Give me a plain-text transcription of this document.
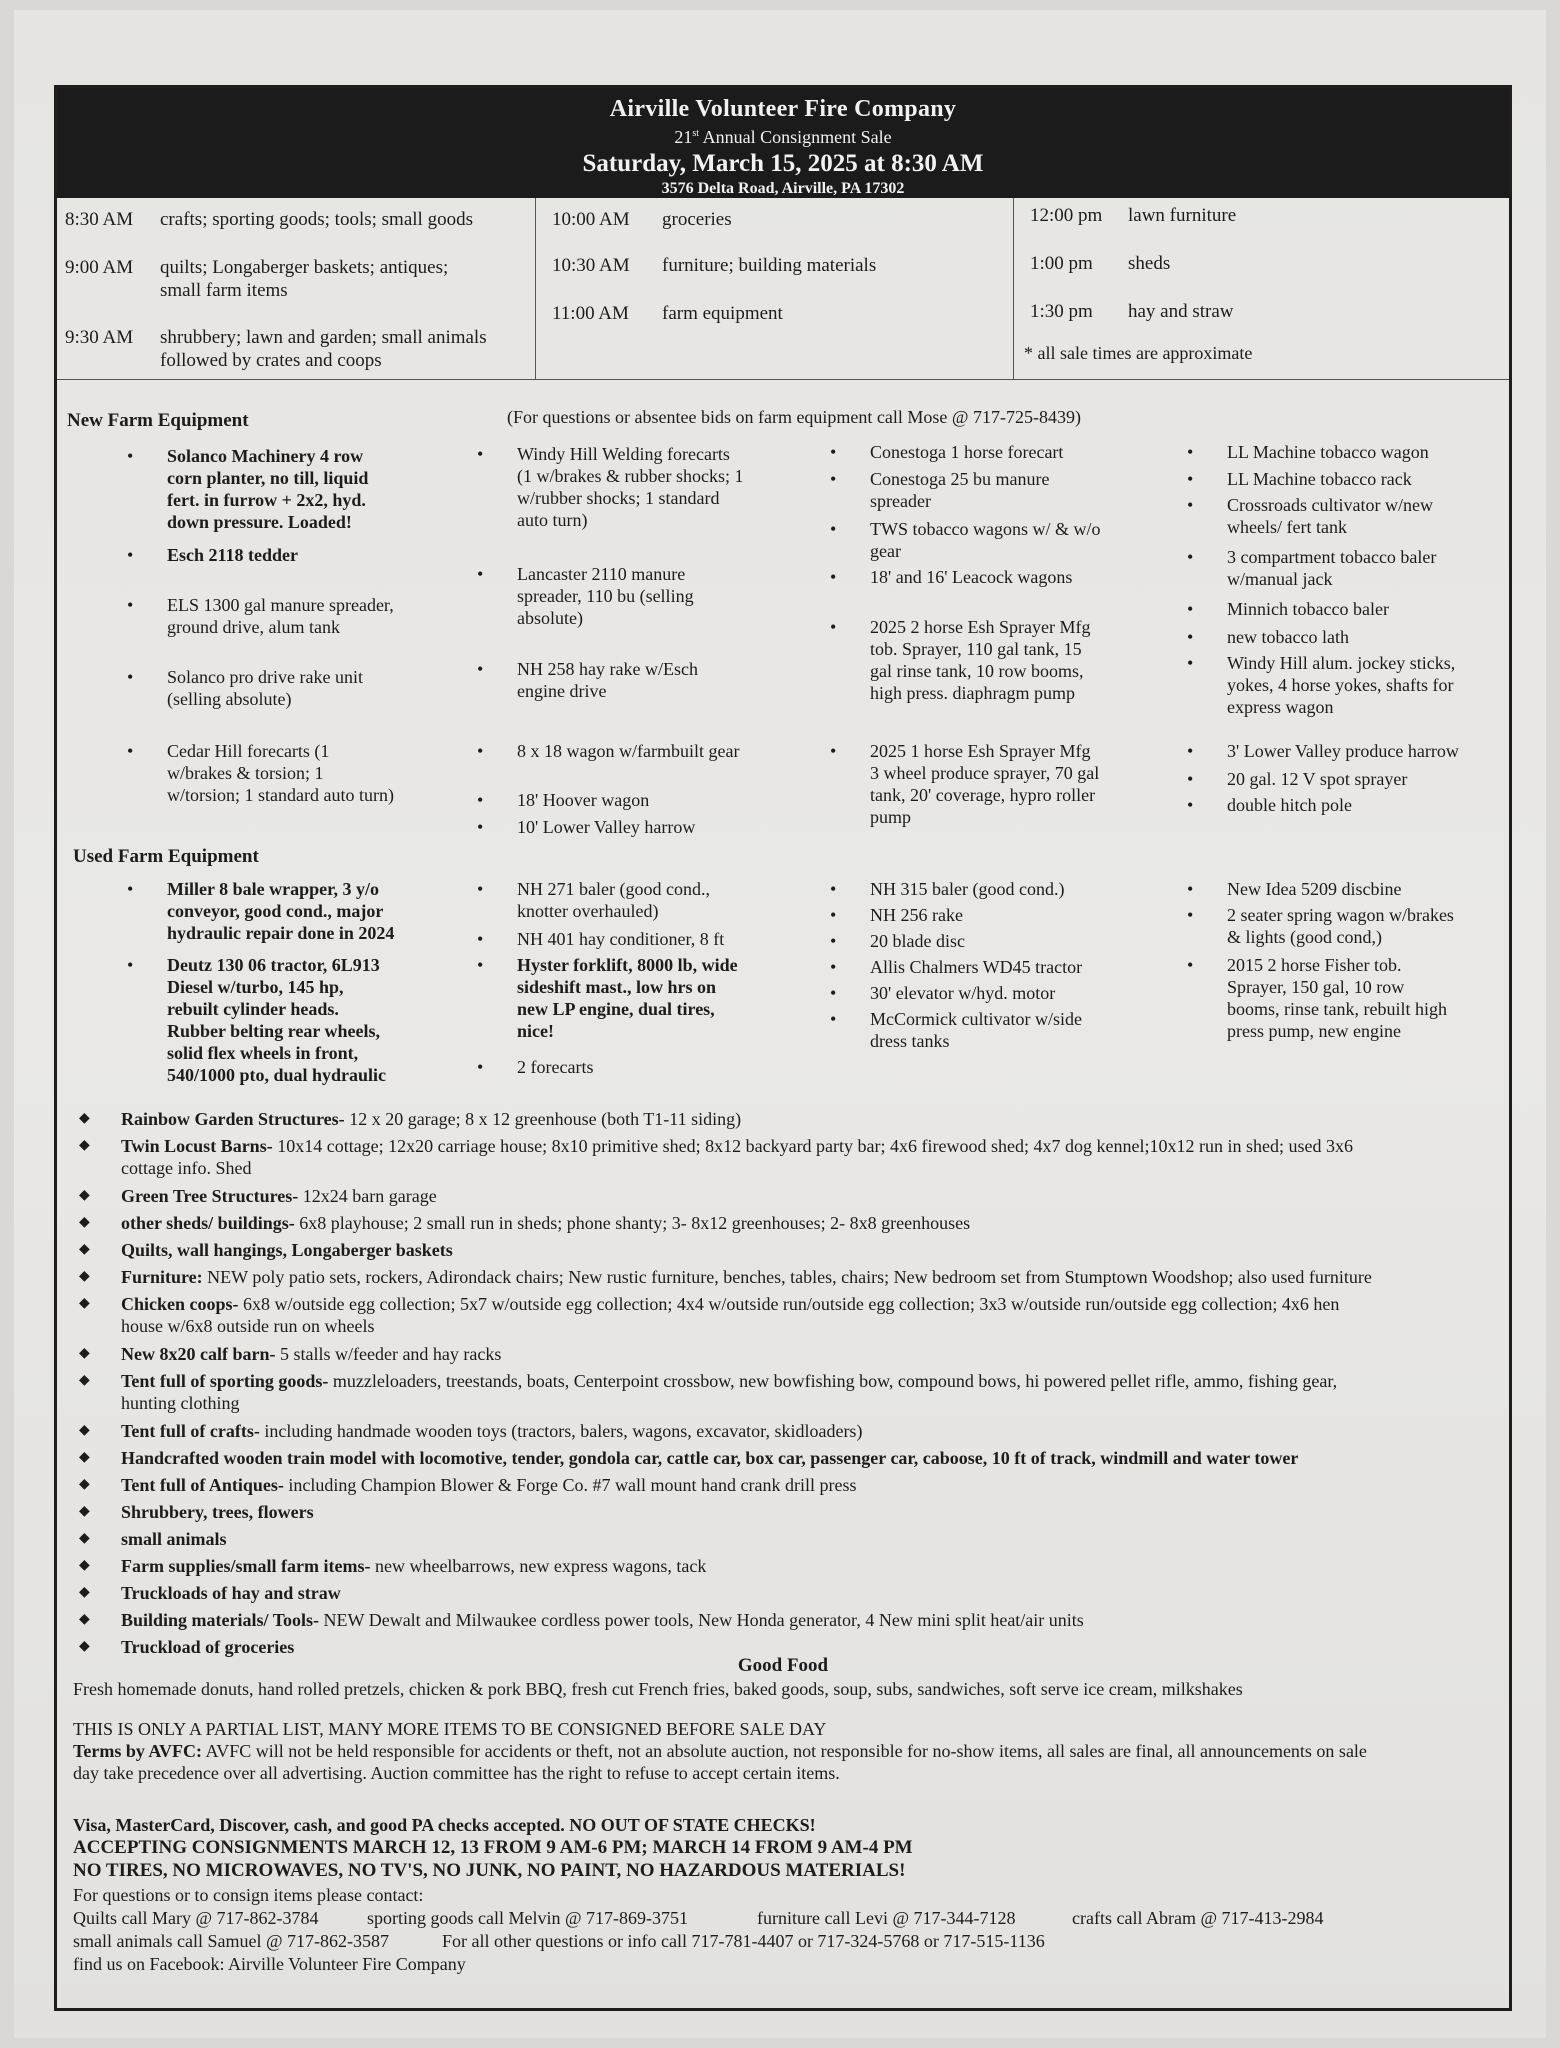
Airville Volunteer Fire Company
21st Annual Consignment Sale
Saturday, March 15, 2025 at 8:30 AM
3576 Delta Road, Airville, PA 17302
8:30 AM crafts; sporting goods; tools; small goods
9:00 AM quilts; Longaberger baskets; antiques;
small farm items
9:30 AM shrubbery; lawn and garden; small animals
followed by crates and coops
10:00 AM groceries
10:30 AM furniture; building materials
11:00 AM farm equipment
* all sale times are approximate
12:00 pm lawn furniture
1:00 pm sheds
1:30 pm hay and straw
New Farm Equipment	(For questions or absentee bids on farm equipment call Mose @ 717-725-8439)
• Solanco Machinery 4 row
corn planter, no till, liquid
fert. in furrow + 2x2, hyd.
down pressure. Loaded!
• Esch 2118 tedder
• ELS 1300 gal manure spreader,
ground drive, alum tank
• Solanco pro drive rake unit
(selling absolute)
• Cedar Hill forecarts (1
w/brakes & torsion; 1
w/torsion; 1 standard auto turn)
• Windy Hill Welding forecarts
(1 w/brakes & rubber shocks; 1
w/rubber shocks; 1 standard
auto turn)
• Lancaster 2110 manure
spreader, 110 bu (selling
absolute)
• NH 258 hay rake w/Esch
engine drive
• 8 x 18 wagon w/farmbuilt gear
• 18' Hoover wagon
• 10' Lower Valley harrow
• Conestoga 1 horse forecart
• Conestoga 25 bu manure
spreader
• TWS tobacco wagons w/ & w/o
gear
• 18' and 16' Leacock wagons
• 2025 2 horse Esh Sprayer Mfg
tob. Sprayer, 110 gal tank, 15
gal rinse tank, 10 row booms,
high press. diaphragm pump
• 2025 1 horse Esh Sprayer Mfg
3 wheel produce sprayer, 70 gal
tank, 20' coverage, hypro roller
pump
• LL Machine tobacco wagon
• LL Machine tobacco rack
• Crossroads cultivator w/new
wheels/ fert tank
• 3 compartment tobacco baler
w/manual jack
• Minnich tobacco baler
• new tobacco lath
• Windy Hill alum. jockey sticks,
yokes, 4 horse yokes, shafts for
express wagon
• 3' Lower Valley produce harrow
• 20 gal. 12 V spot sprayer
• double hitch pole
Used Farm Equipment
• Miller 8 bale wrapper, 3 y/o
conveyor, good cond., major
hydraulic repair done in 2024
• Deutz 130 06 tractor, 6L913
Diesel w/turbo, 145 hp,
rebuilt cylinder heads.
Rubber belting rear wheels,
solid flex wheels in front,
540/1000 pto, dual hydraulic
• NH 271 baler (good cond.,
knotter overhauled)
• NH 401 hay conditioner, 8 ft
• Hyster forklift, 8000 lb, wide
sideshift mast., low hrs on
new LP engine, dual tires,
nice!
• 2 forecarts
• NH 315 baler (good cond.)
• NH 256 rake
• 20 blade disc
• Allis Chalmers WD45 tractor
• 30' elevator w/hyd. motor
• McCormick cultivator w/side
dress tanks
• New Idea 5209 discbine
• 2 seater spring wagon w/brakes
& lights (good cond,)
• 2015 2 horse Fisher tob.
Sprayer, 150 gal, 10 row
booms, rinse tank, rebuilt high
press pump, new engine
◆ Rainbow Garden Structures- 12 x 20 garage; 8 x 12 greenhouse (both T1-11 siding)
◆ Twin Locust Barns- 10x14 cottage; 12x20 carriage house; 8x10 primitive shed; 8x12 backyard party bar; 4x6 firewood shed; 4x7 dog kennel;10x12 run in shed; used 3x6
cottage info. Shed
◆ Green Tree Structures- 12x24 barn garage
◆ other sheds/ buildings- 6x8 playhouse; 2 small run in sheds; phone shanty; 3- 8x12 greenhouses; 2- 8x8 greenhouses
◆ Quilts, wall hangings, Longaberger baskets
◆ Furniture: NEW poly patio sets, rockers, Adirondack chairs; New rustic furniture, benches, tables, chairs; New bedroom set from Stumptown Woodshop; also used furniture
◆ Chicken coops- 6x8 w/outside egg collection; 5x7 w/outside egg collection; 4x4 w/outside run/outside egg collection; 3x3 w/outside run/outside egg collection; 4x6 hen
house w/6x8 outside run on wheels
◆ New 8x20 calf barn- 5 stalls w/feeder and hay racks
◆ Tent full of sporting goods- muzzleloaders, treestands, boats, Centerpoint crossbow, new bowfishing bow, compound bows, hi powered pellet rifle, ammo, fishing gear,
hunting clothing
◆ Tent full of crafts- including handmade wooden toys (tractors, balers, wagons, excavator, skidloaders)
◆ Handcrafted wooden train model with locomotive, tender, gondola car, cattle car, box car, passenger car, caboose, 10 ft of track, windmill and water tower
◆ Tent full of Antiques- including Champion Blower & Forge Co. #7 wall mount hand crank drill press
◆ Shrubbery, trees, flowers
◆ small animals
◆ Farm supplies/small farm items- new wheelbarrows, new express wagons, tack
◆ Truckloads of hay and straw
◆ Building materials/ Tools- NEW Dewalt and Milwaukee cordless power tools, New Honda generator, 4 New mini split heat/air units
◆ Truckload of groceries
Good Food
Fresh homemade donuts, hand rolled pretzels, chicken & pork BBQ, fresh cut French fries, baked goods, soup, subs, sandwiches, soft serve ice cream, milkshakes
THIS IS ONLY A PARTIAL LIST, MANY MORE ITEMS TO BE CONSIGNED BEFORE SALE DAY
Terms by AVFC: AVFC will not be held responsible for accidents or theft, not an absolute auction, not responsible for no-show items, all sales are final, all announcements on sale
day take precedence over all advertising. Auction committee has the right to refuse to accept certain items.
Visa, MasterCard, Discover, cash, and good PA checks accepted. NO OUT OF STATE CHECKS!
ACCEPTING CONSIGNMENTS MARCH 12, 13 FROM 9 AM-6 PM; MARCH 14 FROM 9 AM-4 PM
NO TIRES, NO MICROWAVES, NO TV'S, NO JUNK, NO PAINT, NO HAZARDOUS MATERIALS!
For questions or to consign items please contact:
Quilts call Mary @ 717-862-3784	sporting goods call Melvin @ 717-869-3751	furniture call Levi @ 717-344-7128	crafts call Abram @ 717-413-2984
small animals call Samuel @ 717-862-3587	For all other questions or info call 717-781-4407 or 717-324-5768 or 717-515-1136
find us on Facebook: Airville Volunteer Fire Company
